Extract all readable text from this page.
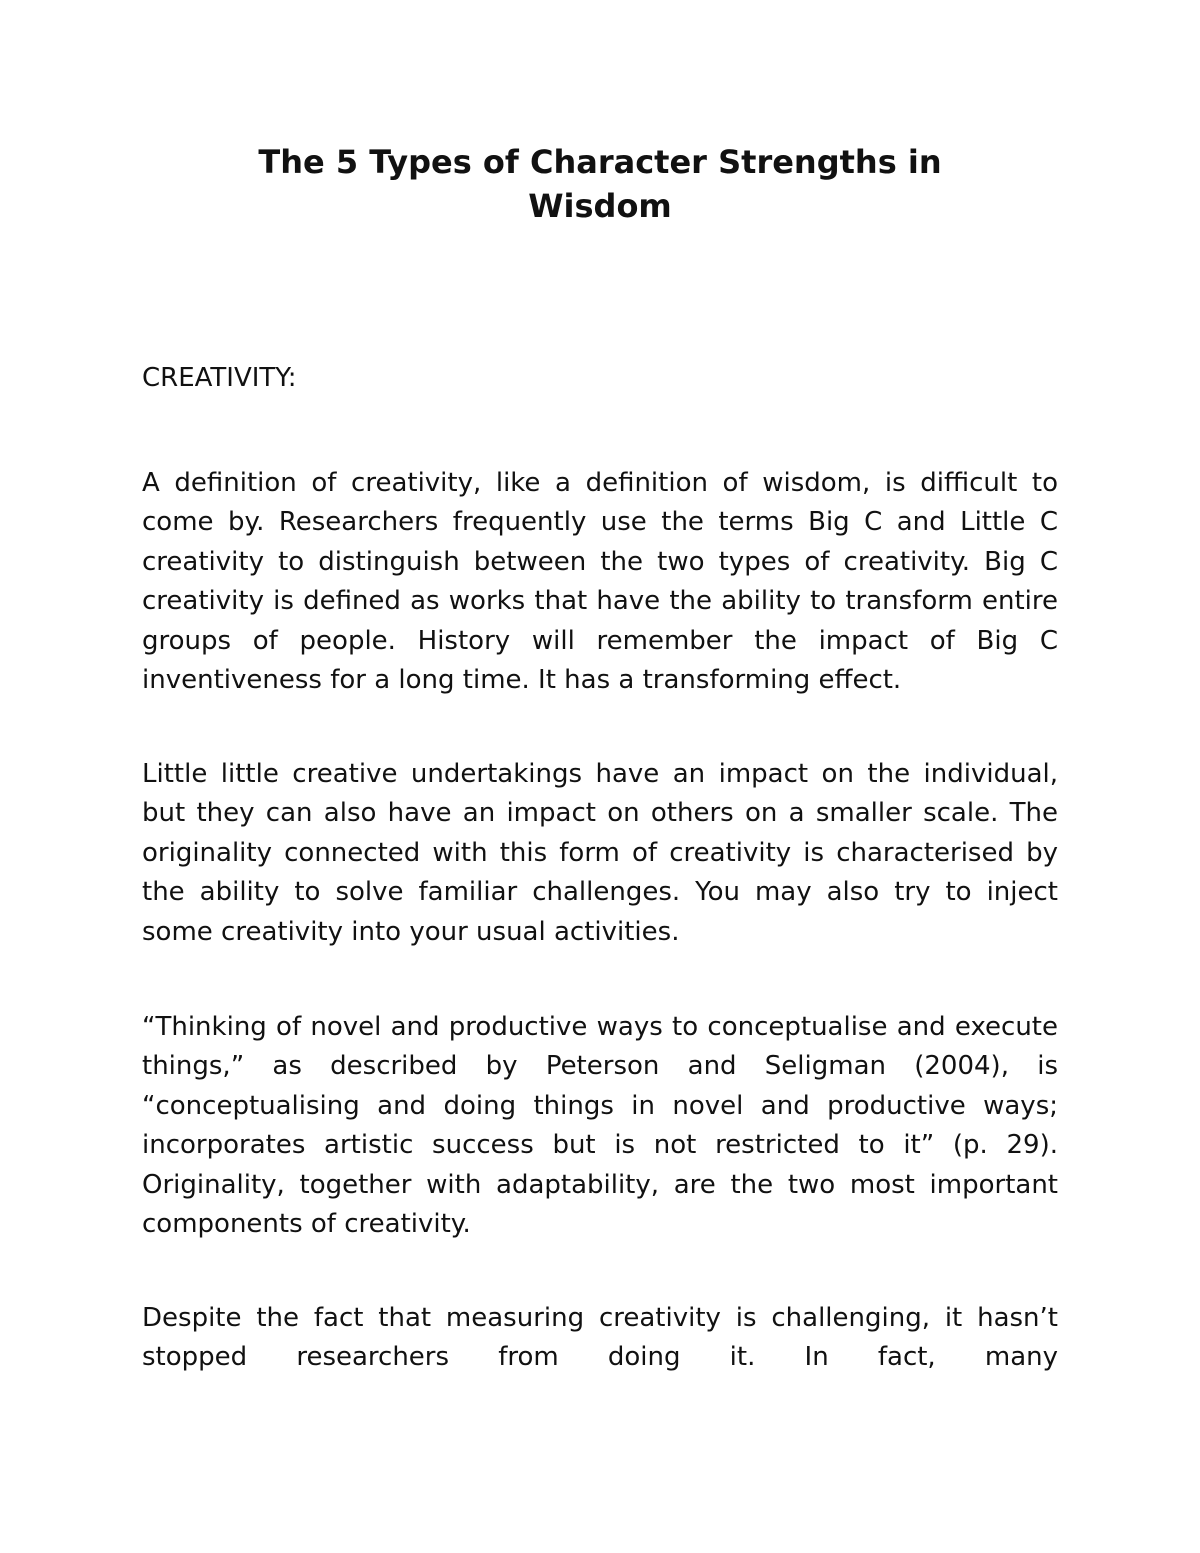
The 5 Types of Character Strengths in
Wisdom
CREATIVITY:

A definition of creativity, like a definition of wisdom, is difficult to come by. Researchers frequently use the terms Big C and Little C creativity to distinguish between the two types of creativity. Big C creativity is defined as works that have the ability to transform entire groups of people. History will remember the impact of Big C inventiveness for a long time. It has a transforming effect.

Little little creative undertakings have an impact on the individual, but they can also have an impact on others on a smaller scale. The originality connected with this form of creativity is characterised by the ability to solve familiar challenges. You may also try to inject some creativity into your usual activities.

“Thinking of novel and productive ways to conceptualise and execute things,” as described by Peterson and Seligman (2004), is “conceptualising and doing things in novel and productive ways; incorporates artistic success but is not restricted to it” (p. 29). Originality, together with adaptability, are the two most important components of creativity.

Despite the fact that measuring creativity is challenging, it hasn’t stopped researchers from doing it. In fact, many
